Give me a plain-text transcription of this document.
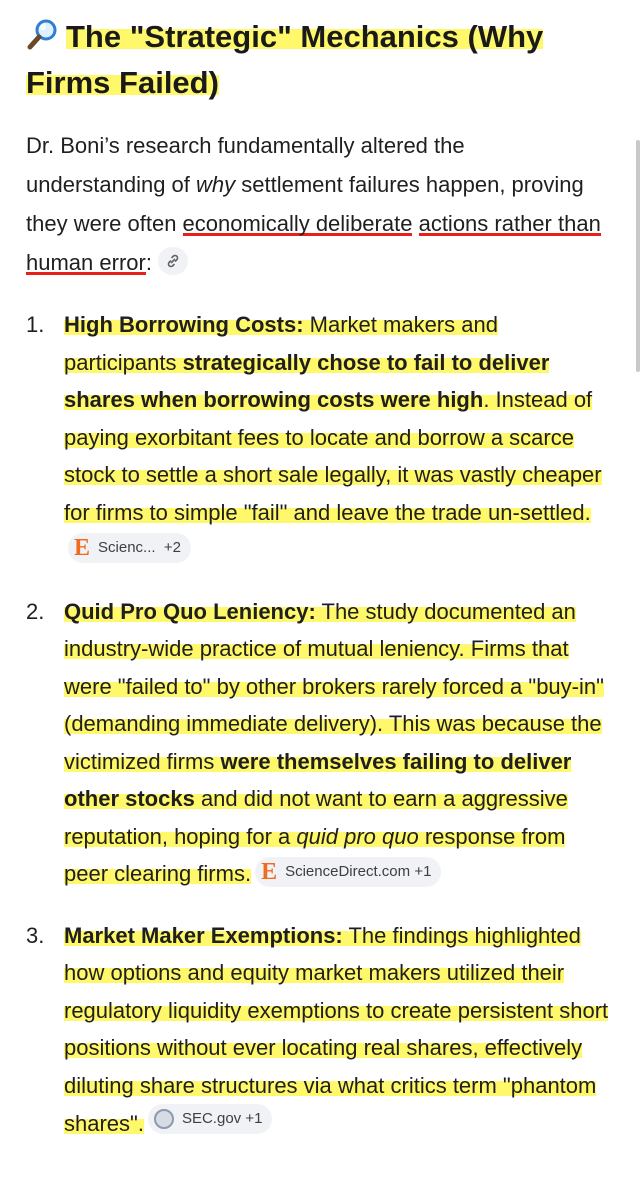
The "Strategic" Mechanics (Why Firms Failed)

Dr. Boni’s research fundamentally altered the understanding of why settlement failures happen, proving they were often economically deliberate actions rather than human error:

1. High Borrowing Costs: Market makers and participants strategically chose to fail to deliver shares when borrowing costs were high. Instead of paying exorbitant fees to locate and borrow a scarce stock to settle a short sale legally, it was vastly cheaper for firms to simple "fail" and leave the trade un-settled.
E Scienc...
+2
2. Quid Pro Quo Leniency: The study documented an industry-wide practice of mutual leniency. Firms that were "failed to" by other brokers rarely forced a "buy-in" (demanding immediate delivery). This was because the victimized firms were themselves failing to deliver other stocks and did not want to earn a aggressive reputation, hoping for a quid pro quo response from peer clearing firms. E ScienceDirect.com
+1
3. Market Maker Exemptions: The findings highlighted how options and equity market makers utilized their regulatory liquidity exemptions to create persistent short positions without ever locating real shares, effectively diluting share structures via what critics term "phantom shares".	SEC.gov
+1
